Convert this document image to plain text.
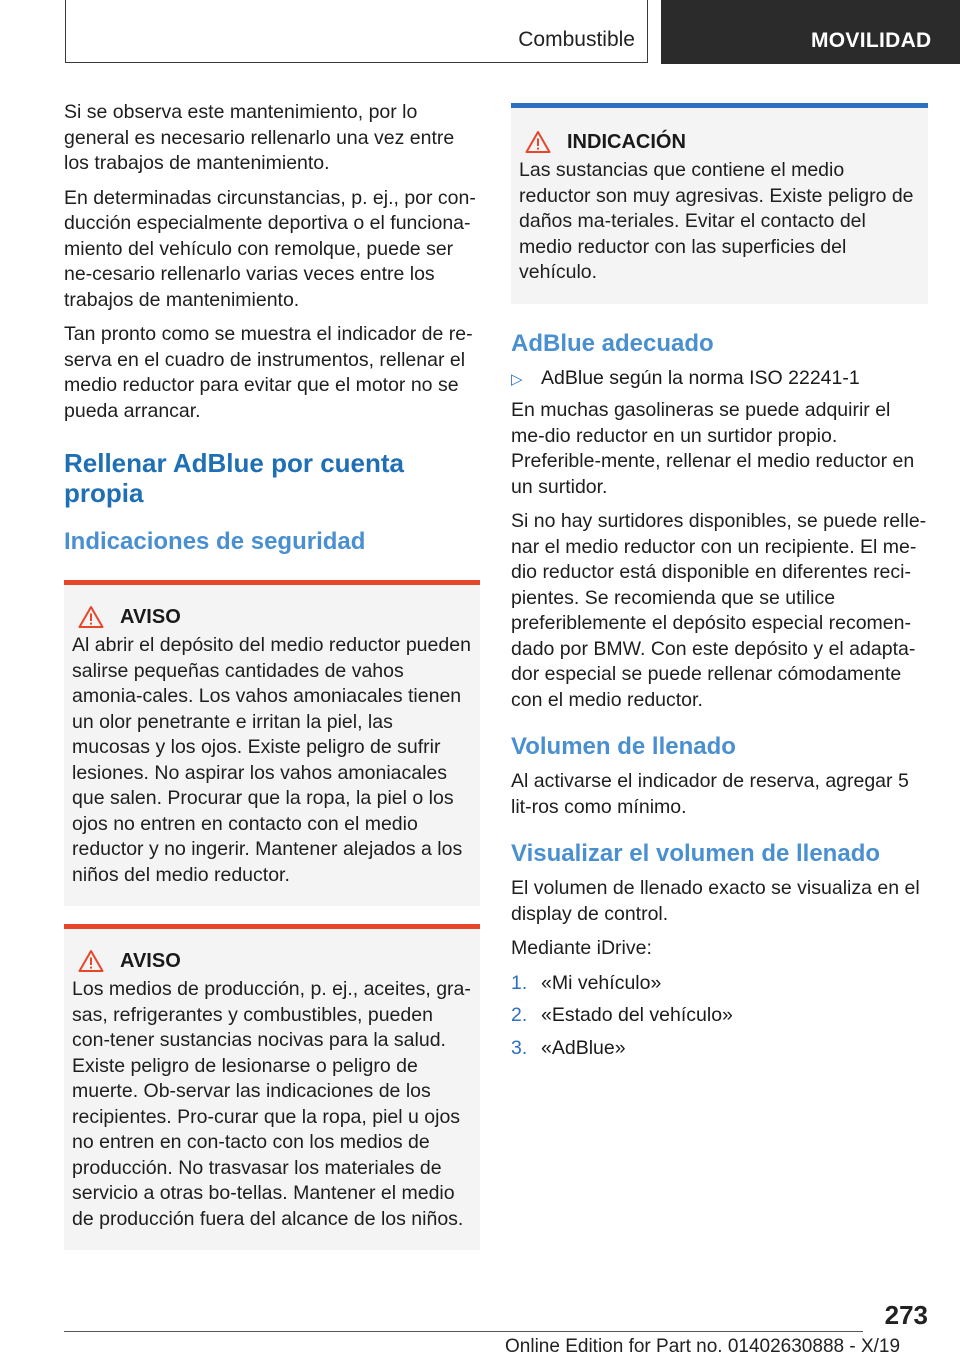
Combustible	MOVILIDAD

Si se observa este mantenimiento, por lo general es necesario rellenarlo una vez entre los trabajos de mantenimiento.

En determinadas circunstancias, p. ej., por con-ducción especialmente deportiva o el funciona-miento del vehículo con remolque, puede ser ne-cesario rellenarlo varias veces entre los trabajos de mantenimiento.

Tan pronto como se muestra el indicador de re-serva en el cuadro de instrumentos, rellenar el medio reductor para evitar que el motor no se pueda arrancar.

Rellenar AdBlue por cuenta propia
Indicaciones de seguridad
AVISO

Al abrir el depósito del medio reductor pueden salirse pequeñas cantidades de vahos amonia-cales. Los vahos amoniacales tienen un olor penetrante e irritan la piel, las mucosas y los ojos. Existe peligro de sufrir lesiones. No aspirar los vahos amoniacales que salen. Procurar que la ropa, la piel o los ojos no entren en contacto con el medio reductor y no ingerir. Mantener alejados a los niños del medio reductor.

AVISO

Los medios de producción, p. ej., aceites, gra-sas, refrigerantes y combustibles, pueden con-tener sustancias nocivas para la salud. Existe peligro de lesionarse o peligro de muerte. Ob-servar las indicaciones de los recipientes. Pro-curar que la ropa, piel u ojos no entren en con-tacto con los medios de producción. No trasvasar los materiales de servicio a otras bo-tellas. Mantener el medio de producción fuera del alcance de los niños.

INDICACIÓN

Las sustancias que contiene el medio reductor son muy agresivas. Existe peligro de daños ma-teriales. Evitar el contacto del medio reductor con las superficies del vehículo.

AdBlue adecuado
▷ AdBlue según la norma ISO 22241-1

En muchas gasolineras se puede adquirir el me-dio reductor en un surtidor propio. Preferible-mente, rellenar el medio reductor en un surtidor.

Si no hay surtidores disponibles, se puede relle-nar el medio reductor con un recipiente. El me-dio reductor está disponible en diferentes reci-pientes. Se recomienda que se utilice preferiblemente el depósito especial recomen-dado por BMW. Con este depósito y el adapta-dor especial se puede rellenar cómodamente con el medio reductor.

Volumen de llenado

Al activarse el indicador de reserva, agregar 5 lit-ros como mínimo.

Visualizar el volumen de llenado

El volumen de llenado exacto se visualiza en el display de control.

Mediante iDrive:

1. «Mi vehículo»
2. «Estado del vehículo»
3. «AdBlue»
273
Online Edition for Part no. 01402630888 - X/19
